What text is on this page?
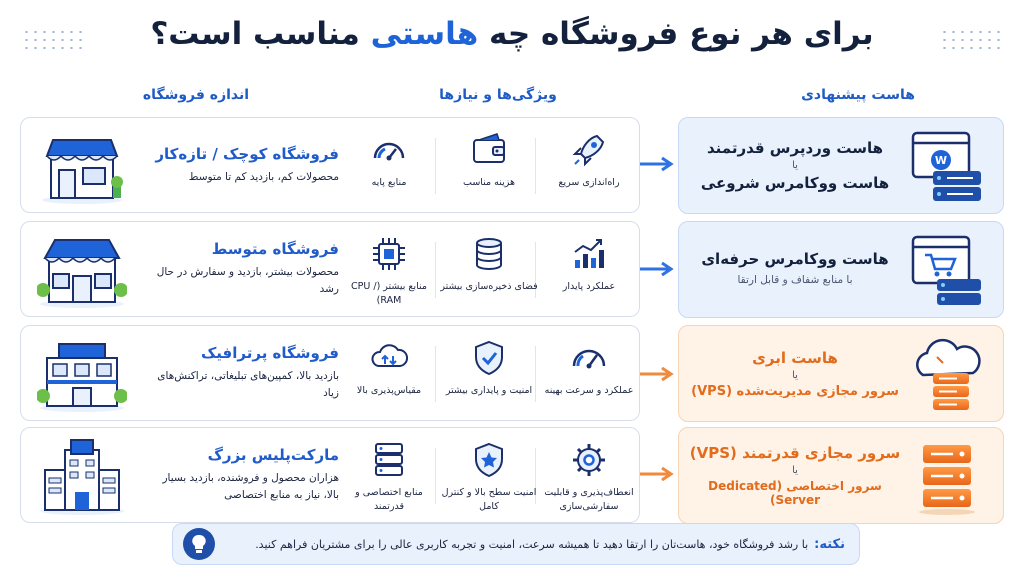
برای هر نوع فروشگاه چه هاستی مناسب است؟
هاست پیشنهادی
ویژگی‌ها و نیازها
اندازه فروشگاه
هاست وردپرس قدرتمند
یا
هاست ووکامرس شروعی
W
راه‌اندازی سریع
هزینه مناسب
منابع پایه
فروشگاه کوچک / تازه‌کار
محصولات کم، بازدید کم تا متوسط
هاست ووکامرس حرفه‌ای
با منابع شفاف و قابل ارتقا
عملکرد پایدار
فضای ذخیره‌سازی بیشتر
منابع بیشتر (CPU / RAM)
فروشگاه متوسط
محصولات بیشتر، بازدید و سفارش در حال رشد
هاست ابری
یا
سرور مجازی مدیریت‌شده (VPS)
عملکرد و سرعت بهینه
امنیت و پایداری بیشتر
مقیاس‌پذیری بالا
فروشگاه پرترافیک
بازدید بالا، کمپین‌های تبلیغاتی، تراکنش‌های زیاد
سرور مجازی قدرتمند (VPS)
یا
سرور اختصاصی (Dedicated Server)
انعطاف‌پذیری و قابلیت سفارشی‌سازی
امنیت سطح بالا و کنترل کامل
منابع اختصاصی و قدرتمند
مارکت‌پلیس بزرگ
هزاران محصول و فروشنده، بازدید بسیار بالا، نیاز به منابع اختصاصی
نکته:
با رشد فروشگاه خود، هاست‌تان را ارتقا دهید تا همیشه سرعت، امنیت و تجربه کاربری عالی را برای مشتریان فراهم کنید.
